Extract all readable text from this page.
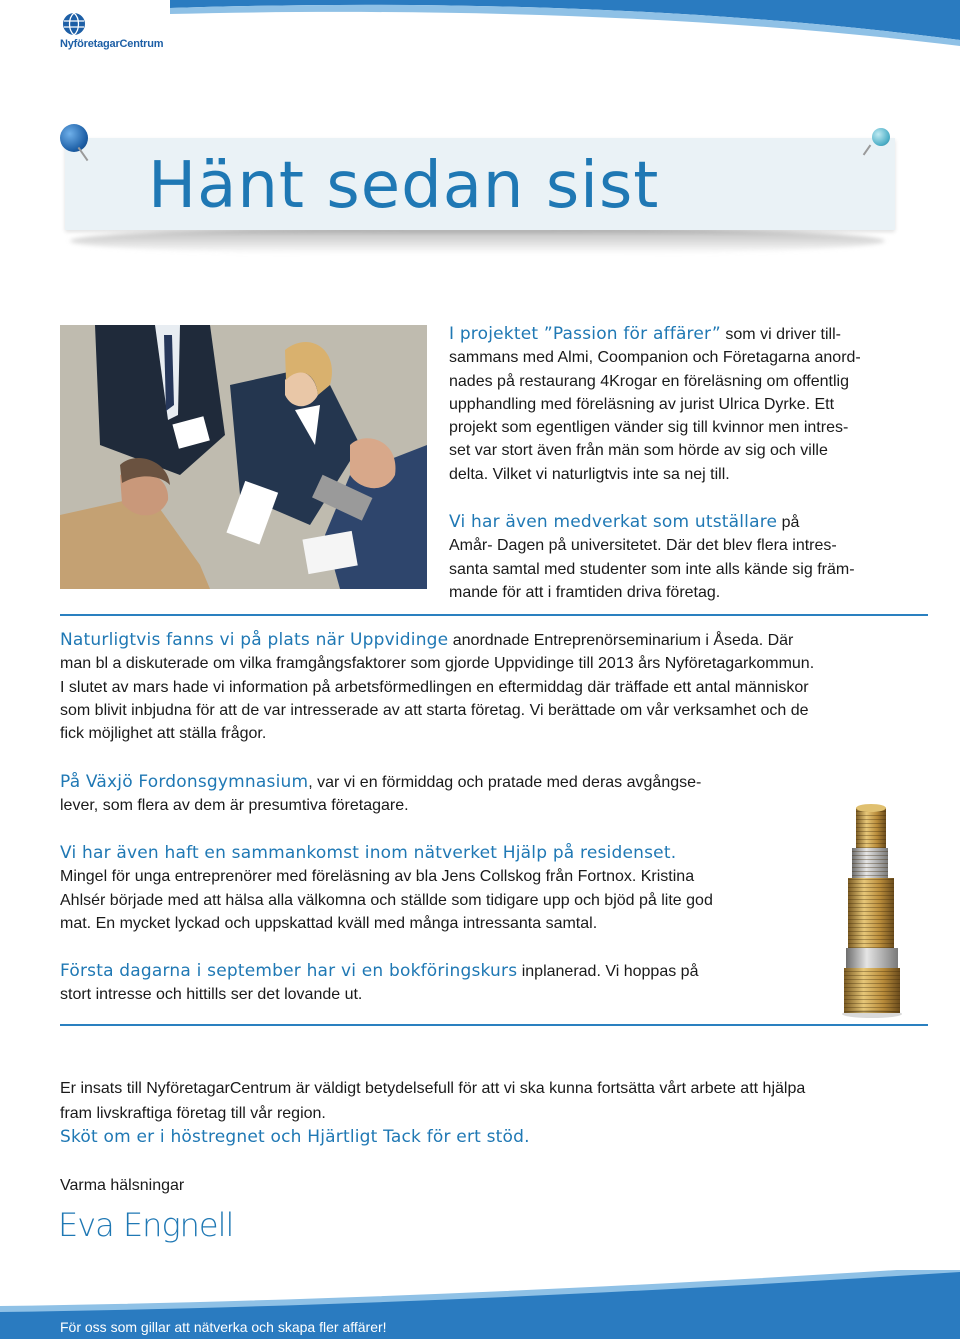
NyföretagarCentrum
Hänt sedan sist
I projektet ”Passion för affärer” som vi driver till-
sammans med Almi, Coompanion och Företagarna anord-
nades på restaurang 4Krogar en föreläsning om offentlig
upphandling med föreläsning av jurist Ulrica Dyrke. Ett
projekt som egentligen vänder sig till kvinnor men intres-
set var stort även från män som hörde av sig och ville
delta. Vilket vi naturligtvis inte sa nej till.
Vi har även medverkat som utställare på
Amår- Dagen på universitetet. Där det blev flera intres-
santa samtal med studenter som inte alls kände sig främ-
mande för att i framtiden driva företag.
Naturligtvis fanns vi på plats när Uppvidinge anordnade Entreprenörseminarium i Åseda. Där
man bl a diskuterade om vilka framgångsfaktorer som gjorde Uppvidinge till 2013 års Nyföretagarkommun.
I slutet av mars hade vi information på arbetsförmedlingen en eftermiddag där träffade ett antal människor
som blivit inbjudna för att de var intresserade av att starta företag. Vi berättade om vår verksamhet och de
fick möjlighet att ställa frågor.
På Växjö Fordonsgymnasium, var vi en förmiddag och pratade med deras avgångse-
lever, som flera av dem är presumtiva företagare.
Vi har även haft en sammankomst inom nätverket Hjälp på residenset.
Mingel för unga entreprenörer med föreläsning av bla Jens Collskog från Fortnox. Kristina
Ahlsér började med att hälsa alla välkomna och ställde som tidigare upp och bjöd på lite god
mat. En mycket lyckad och uppskattad kväll med många intressanta samtal.
Första dagarna i september har vi en bokföringskurs inplanerad. Vi hoppas på
stort intresse och hittills ser det lovande ut.
Er insats till NyföretagarCentrum är väldigt betydelsefull för att vi ska kunna fortsätta vårt arbete att hjälpa
fram livskraftiga företag till vår region.
Sköt om er i höstregnet och Hjärtligt Tack för ert stöd.
Varma hälsningar
Eva Engnell
För oss som gillar att nätverka och skapa fler affärer!
